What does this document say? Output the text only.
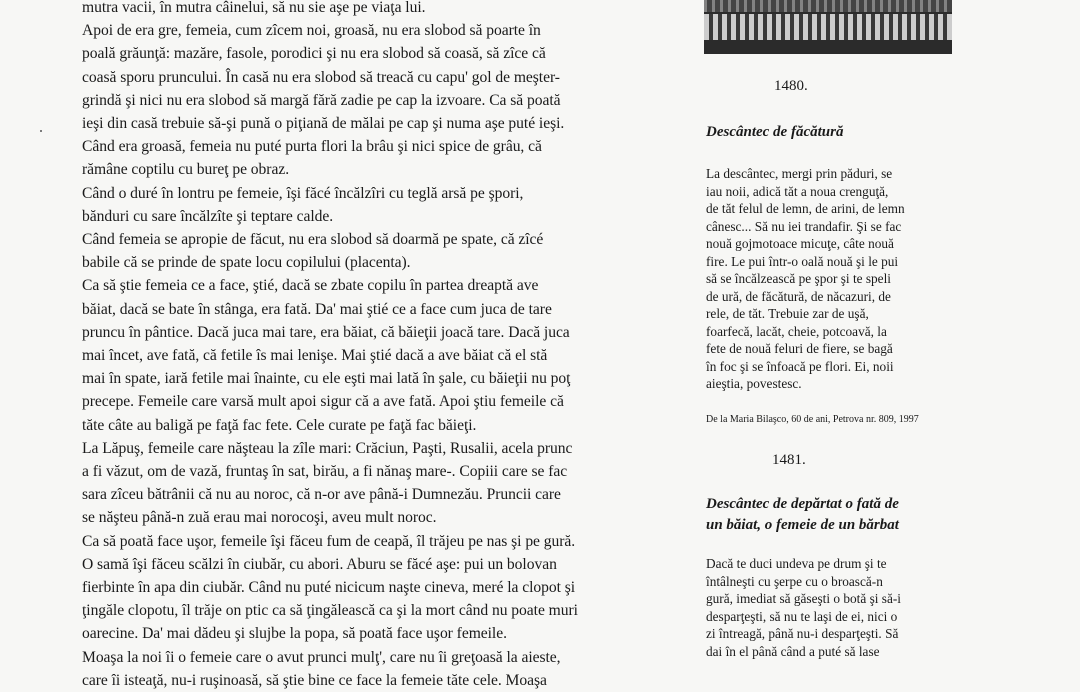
mutra vacii, în mutra câinelui, să nu sie aşe pe viaţa lui.
Apoi de era gre, femeia, cum zîcem noi, groasă, nu era slobod să poarte în
poală grăunţă: mazăre, fasole, porodici şi nu era slobod să coasă, să zîce că
coasă sporu pruncului. În casă nu era slobod să treacă cu capu' gol de meşter-
grindă şi nici nu era slobod să margă fără zadie pe cap la izvoare. Ca să poată
ieşi din casă trebuie să-şi pună o piţiană de mălai pe cap şi numa aşe puté ieşi.
Când era groasă, femeia nu puté purta flori la brâu şi nici spice de grâu, că
rămâne coptilu cu bureţ pe obraz.
Când o duré în lontru pe femeie, îşi făcé încălzîri cu teglă arsă pe şpori,
bănduri cu sare încălzîte şi teptare calde.
Când femeia se apropie de făcut, nu era slobod să doarmă pe spate, că zîcé
babile că se prinde de spate locu copilului (placenta).
Ca să ştie femeia ce a face, ştié, dacă se zbate copilu în partea dreaptă ave
băiat, dacă se bate în stânga, era fată. Da' mai ştié ce a face cum juca de tare
pruncu în pântice. Dacă juca mai tare, era băiat, că băieţii joacă tare. Dacă juca
mai încet, ave fată, că fetile îs mai lenişe. Mai ştié dacă a ave băiat că el stă
mai în spate, iară fetile mai înainte, cu ele eşti mai lată în şale, cu băieţii nu poţ
precepe. Femeile care varsă mult apoi sigur că a ave fată. Apoi ştiu femeile că
tăte câte au baligă pe faţă fac fete. Cele curate pe faţă fac băieţi.
La Lăpuş, femeile care năşteau la zîle mari: Crăciun, Paşti, Rusalii, acela prunc
a fi văzut, om de vază, fruntaş în sat, birău, a fi nănaş mare-. Copiii care se fac
sara zîceu bătrânii că nu au noroc, că n-or ave până-i Dumnezău. Pruncii care
se năşteu până-n zuă erau mai norocoşi, aveu mult noroc.
Ca să poată face uşor, femeile îşi făceu fum de ceapă, îl trăjeu pe nas şi pe gură.
O samă îşi făceu scălzi în ciubăr, cu abori. Aburu se făcé aşe: pui un bolovan
fierbinte în apa din ciubăr. Când nu puté nicicum naşte cineva, meré la clopot şi
ţingăle clopotu, îl trăje on ptic ca să ţingălească ca şi la mort când nu poate muri
oarecine. Da' mai dădeu şi slujbe la popa, să poată face uşor femeile.
Moaşa la noi îi o femeie care o avut prunci mulţ', care nu îi greţoasă la aieste,
care îi isteaţă, nu-i ruşinoasă, să ştie bine ce face la femeie tăte cele. Moaşa
1480.
Descântec de făcătură
La descântec, mergi prin păduri, se
iau noii, adică tăt a noua crenguţă,
de tăt felul de lemn, de arini, de lemn
cânesc... Să nu iei trandafir. Şi se fac
nouă gojmotoace micuţe, câte nouă
fire. Le pui într-o oală nouă şi le pui
să se încălzească pe şpor şi te speli
de ură, de făcătură, de năcazuri, de
rele, de tăt. Trebuie zar de uşă,
foarfecă, lacăt, cheie, potcoavă, la
fete de nouă feluri de fiere, se bagă
în foc şi se înfoacă pe flori. Ei, noii
aieştia, povestesc.
De la Maria Bilaşco, 60 de ani, Petrova nr. 809, 1997
1481.
Descântec de depărtat o fată de
un băiat, o femeie de un bărbat
Dacă te duci undeva pe drum şi te
întâlneşti cu şerpe cu o broască-n
gură, imediat să găseşti o botă şi să-i
desparţeşti, să nu te laşi de ei, nici o
zi întreagă, până nu-i desparţeşti. Să
dai în el până când a puté să lase
